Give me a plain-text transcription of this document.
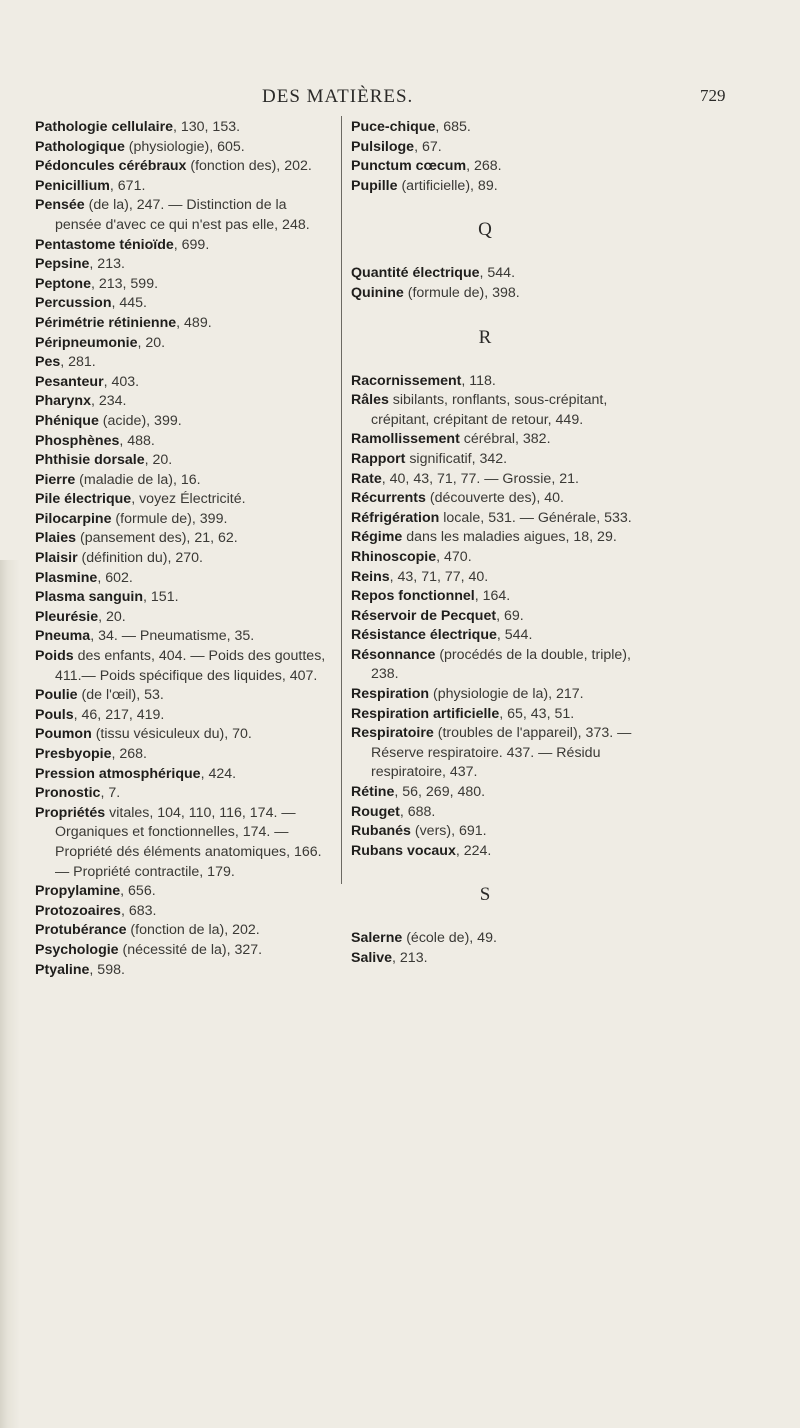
DES MATIÈRES.	729

Pathologie cellulaire, 130, 153.

Pathologique (physiologie), 605.

Pédoncules cérébraux (fonction des), 202.

Penicillium, 671.

Pensée (de la), 247. — Distinction de la pensée d'avec ce qui n'est pas elle, 248.

Pentastome ténioïde, 699.

Pepsine, 213.

Peptone, 213, 599.

Percussion, 445.

Périmétrie rétinienne, 489.

Péripneumonie, 20.

Pes, 281.

Pesanteur, 403.

Pharynx, 234.

Phénique (acide), 399.

Phosphènes, 488.

Phthisie dorsale, 20.

Pierre (maladie de la), 16.

Pile électrique, voyez Électricité.

Pilocarpine (formule de), 399.

Plaies (pansement des), 21, 62.

Plaisir (définition du), 270.

Plasmine, 602.

Plasma sanguin, 151.

Pleurésie, 20.

Pneuma, 34. — Pneumatisme, 35.

Poids des enfants, 404. — Poids des gouttes, 411.— Poids spécifique des liquides, 407.

Poulie (de l'œil), 53.

Pouls, 46, 217, 419.

Poumon (tissu vésiculeux du), 70.

Presbyopie, 268.

Pression atmosphérique, 424.

Pronostic, 7.

Propriétés vitales, 104, 110, 116, 174. — Organiques et fonctionnelles, 174. — Propriété dés éléments anatomiques, 166. — Propriété contractile, 179.

Propylamine, 656.

Protozoaires, 683.

Protubérance (fonction de la), 202.

Psychologie (nécessité de la), 327.

Ptyaline, 598.

Puce-chique, 685.

Pulsiloge, 67.

Punctum cœcum, 268.

Pupille (artificielle), 89.

Q

Quantité électrique, 544.

Quinine (formule de), 398.

R

Racornissement, 118.

Râles sibilants, ronflants, sous-crépitant, crépitant, crépitant de retour, 449.

Ramollissement cérébral, 382.

Rapport significatif, 342.

Rate, 40, 43, 71, 77. — Grossie, 21.

Récurrents (découverte des), 40.

Réfrigération locale, 531. — Générale, 533.

Régime dans les maladies aigues, 18, 29.

Rhinoscopie, 470.

Reins, 43, 71, 77, 40.

Repos fonctionnel, 164.

Réservoir de Pecquet, 69.

Résistance électrique, 544.

Résonnance (procédés de la double, triple), 238.

Respiration (physiologie de la), 217.

Respiration artificielle, 65, 43, 51.

Respiratoire (troubles de l'appareil), 373. — Réserve respiratoire. 437. — Résidu respiratoire, 437.

Rétine, 56, 269, 480.

Rouget, 688.

Rubanés (vers), 691.

Rubans vocaux, 224.

S

Salerne (école de), 49.

Salive, 213.
